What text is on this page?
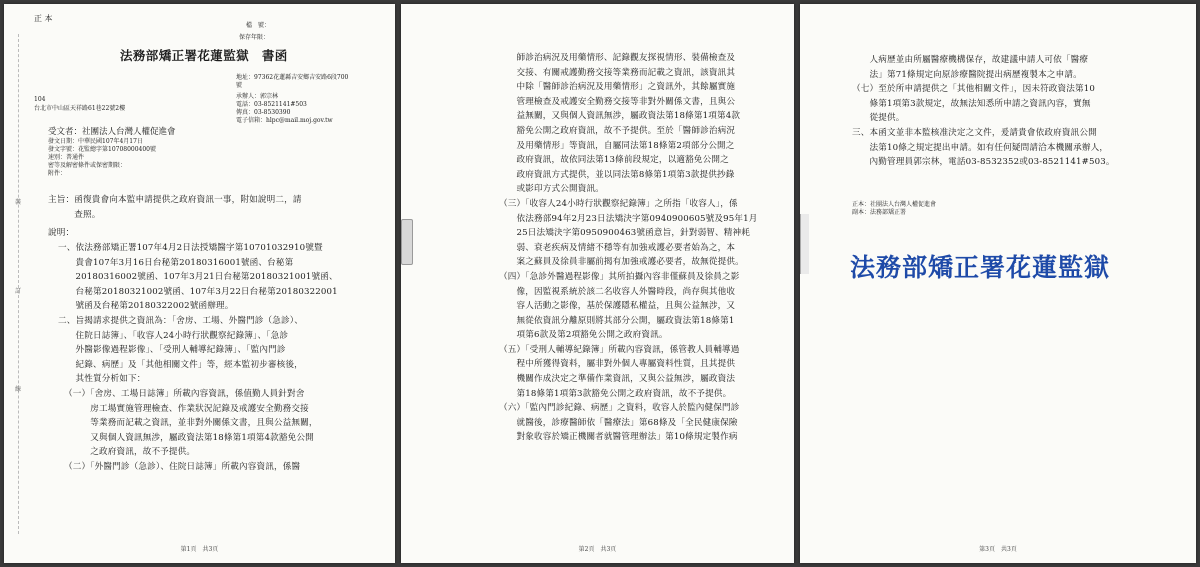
裝
訂
線
正 本
檔　號：
保存年限：
法務部矯正署花蓮監獄　書函
地址：97362花蓮縣吉安鄉吉安路6段700
號
承辦人：郭宗林
電話：03-8521141#503
傳真：03-8530390
電子信箱：hlpc@mail.moj.gov.tw
104
台北市中山區天祥路61巷22號2樓
受文者：社團法人台灣人權促進會
發文日期：中華民國107年4月17日
發文字號：花監總字第10708000400號
速別：普通件
密等及解密條件或保密期限：
附件：
主旨：函復貴會向本監申請提供之政府資訊一事，附如說明二，請
　　　查照。
說明：
一、依法務部矯正署107年4月2日法授矯醫字第10701032910號暨
　　貴會107年3月16日台秘第20180316001號函、台秘第
　　20180316002號函、107年3月21日台秘第20180321001號函、
　　台秘第20180321002號函、107年3月22日台秘第20180322001
　　號函及台秘第20180322002號函辦理。
二、旨揭請求提供之資訊為：「舍房、工場、外醫門診（急診）、
　　住院日誌簿」、「收容人24小時行狀觀察紀錄簿」、「急診
　　外醫影像過程影像」、「受刑人輔導紀錄簿」、「監內門診
　　紀錄、病歷」及「其他相關文件」等，經本監初步審核後，
　　其性質分析如下：
（一）「舍房、工場日誌簿」所載內容資訊，係值勤人員針對舍
　　　房工場實施管理檢查、作業狀況記錄及戒護安全勤務交接
　　　等業務而記載之資訊，並非對外關係文書，且與公益無關，
　　　又與個人資訊無涉，屬政資法第18條第1項第4款豁免公開
　　　之政府資訊，故不予提供。
（二）「外醫門診（急診）、住院日誌簿」所載內容資訊，係醫
第1頁　共3頁
　　師診治病況及用藥情形、記錄觀友探視情形、裝備檢查及
　　交接、有關戒護勤務交接等業務而記載之資訊，該資訊其
　　中除「醫師診治病況及用藥情形」之資訊外，其餘屬實施
　　管理檢查及戒護安全勤務交接等非對外關係文書，且與公
　　益無關，又與個人資訊無涉，屬政資法第18條第1項第4款
　　豁免公開之政府資訊，故不予提供。至於「醫師診治病況
　　及用藥情形」等資訊，自屬同法第18條第2項部分公開之
　　政府資訊，故依同法第13條前段規定，以適豁免公開之
　　政府資訊方式提供，並以同法第8條第1項第3款提供抄錄
　　或影印方式公開資訊。
（三）「收容人24小時行狀觀察紀錄簿」之所指「收容人」，係
　　依法務部94年2月23日法矯決字第0940900605號及95年1月
　　25日法矯決字第0950900463號函意旨，針對弱智、精神耗
　　弱、衰老疾病及情緒不穩等有加強戒護必要者始為之，本
　　案之蘇員及徐員非屬前揭有加強戒護必要者，故無從提供。
（四）「急診外醫過程影像」其所拍攝內容非僅蘇員及徐員之影
　　像，因監視系統於該二名收容人外醫時段，尚存與其他收
　　容人活動之影像，基於保護隱私權益，且與公益無涉，又
　　無從依資訊分離原則將其部分公開，屬政資法第18條第1
　　項第6款及第2項豁免公開之政府資訊。
（五）「受刑人輔導紀錄簿」所載內容資訊，係管教人員輔導過
　　程中所獲得資料，屬非對外個人專屬資料性質，且其提供
　　機關作成決定之準備作業資訊，又與公益無涉，屬政資法
　　第18條第1項第3款豁免公開之政府資訊，故不予提供。
（六）「監內門診紀錄、病歷」之資料，收容人於監內健保門診
　　就醫後，診療醫師依「醫療法」第68條及「全民健康保險
　　對象收容於矯正機關者就醫管理辦法」第10條規定製作病
第2頁　共3頁
　　人病歷並由所屬醫療機構保存，故建議申請人可依「醫療
　　法」第71條規定向原診療醫院提出病歷複製本之申請。
（七）至於所申請提供之「其他相關文件」，因未符政資法第10
　　條第1項第3款規定，故無法知悉所申請之資訊內容，實無
　　從提供。
三、本函文並非本監核准決定之文件，爰請貴會依政府資訊公開
　　法第10條之規定提出申請。如有任何疑問請洽本機關承辦人，
　　內勤管理員郭宗林，電話03-8532352或03-8521141#503。
正本：社團法人台灣人權促進會
副本：法務部矯正署
法務部矯正署花蓮監獄
第3頁　共3頁
